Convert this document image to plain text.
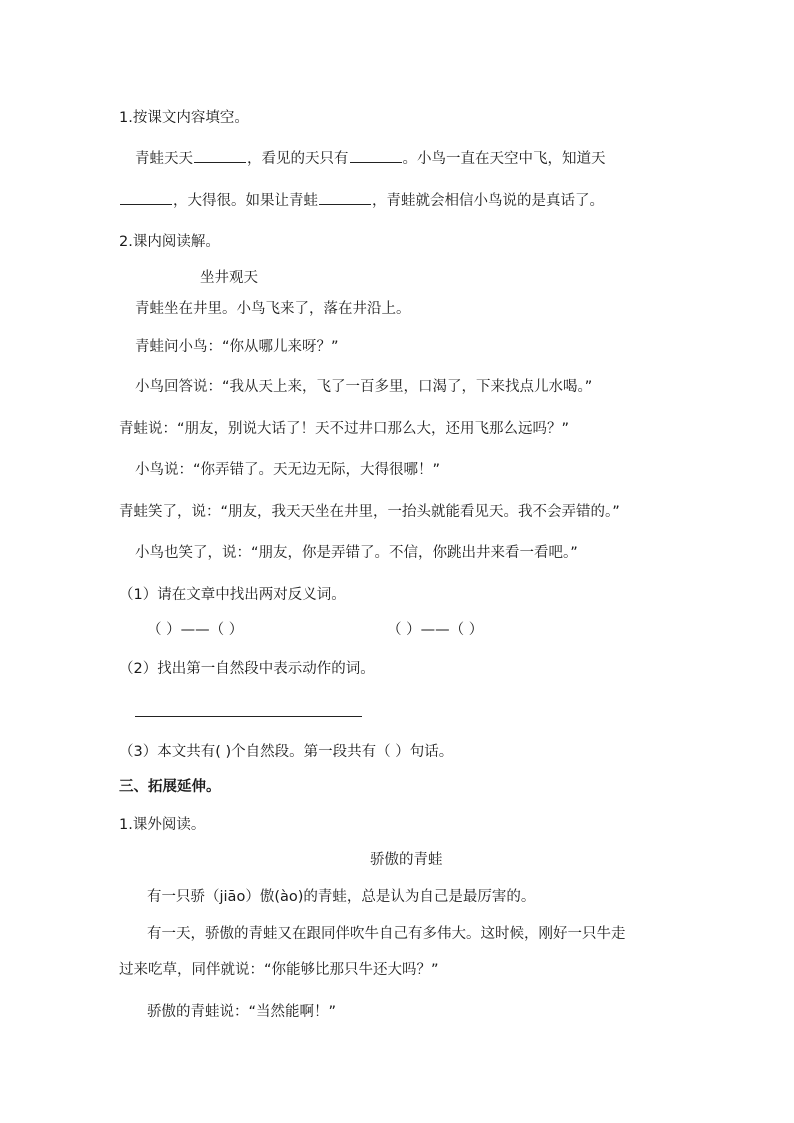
1.按课文内容填空。
青蛙天天	，看见的天只有	。小鸟一直在天空中飞，知道天
，大得很。如果让青蛙	，青蛙就会相信小鸟说的是真话了。
2.课内阅读解。
坐井观天
青蛙坐在井里。小鸟飞来了，落在井沿上。
青蛙问小鸟：“你从哪儿来呀？”
小鸟回答说：“我从天上来，飞了一百多里，口渴了，下来找点儿水喝。”
青蛙说：“朋友，别说大话了！天不过井口那么大，还用飞那么远吗？”
小鸟说：“你弄错了。天无边无际，大得很哪！”
青蛙笑了，说：“朋友，我天天坐在井里，一抬头就能看见天。我不会弄错的。”
小鸟也笑了，说：“朋友，你是弄错了。不信，你跳出井来看一看吧。”
（1）请在文章中找出两对反义词。
（ ）——（ ）	（ ）——（ ）
（2）找出第一自然段中表示动作的词。
（3）本文共有( )个自然段。第一段共有（ ）句话。
三、拓展延伸。
1.课外阅读。
骄傲的青蛙
有一只骄（jiāo）傲(ào)的青蛙，总是认为自己是最厉害的。
有一天，骄傲的青蛙又在跟同伴吹牛自己有多伟大。这时候，刚好一只牛走
过来吃草，同伴就说：“你能够比那只牛还大吗？”
骄傲的青蛙说：“当然能啊！”
